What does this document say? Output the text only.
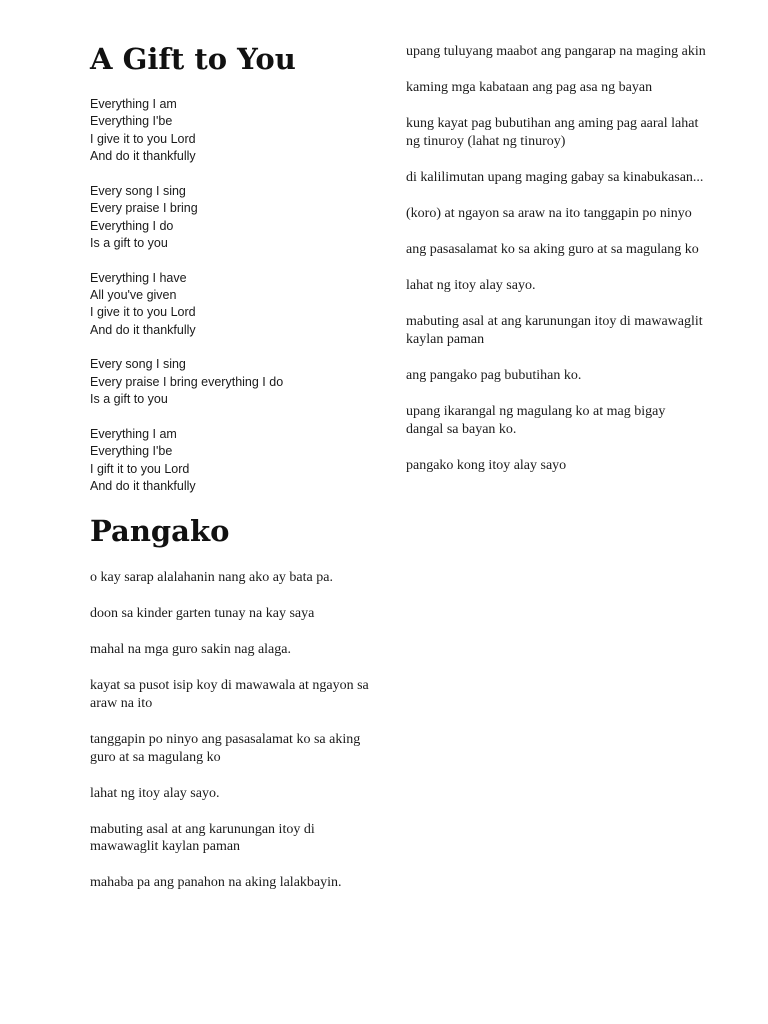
A Gift to You
Everything I am
Everything I'be
I give it to you Lord
And do it thankfully
Every song I sing
Every praise I bring
Everything I do
Is a gift to you
Everything I have
All you've given
I give it to you Lord
And do it thankfully
Every song I sing
Every praise I bring everything I do
Is a gift to you
Everything I am
Everything I'be
I gift it to you Lord
And do it thankfully
Pangako
o kay sarap alalahanin nang ako ay bata pa.
doon sa kinder garten tunay na kay saya
mahal na mga guro sakin nag alaga.
kayat sa pusot isip koy di mawawala at ngayon sa araw na ito
tanggapin po ninyo ang pasasalamat ko sa aking guro at sa magulang ko
lahat ng itoy alay sayo.
mabuting asal at ang karunungan itoy di mawawaglit kaylan paman
mahaba pa ang panahon na aking lalakbayin.
upang tuluyang maabot ang pangarap na maging akin
kaming mga kabataan ang pag asa ng bayan
kung kayat pag bubutihan ang aming pag aaral lahat ng tinuroy (lahat ng tinuroy)
di kalilimutan upang maging gabay sa kinabukasan...
(koro) at ngayon sa araw na ito tanggapin po ninyo
ang pasasalamat ko sa aking guro at sa magulang ko
lahat ng itoy alay sayo.
mabuting asal at ang karunungan itoy di mawawaglit kaylan paman
ang pangako pag bubutihan ko.
upang ikarangal ng magulang ko at mag bigay dangal sa bayan ko.
pangako kong itoy alay sayo
